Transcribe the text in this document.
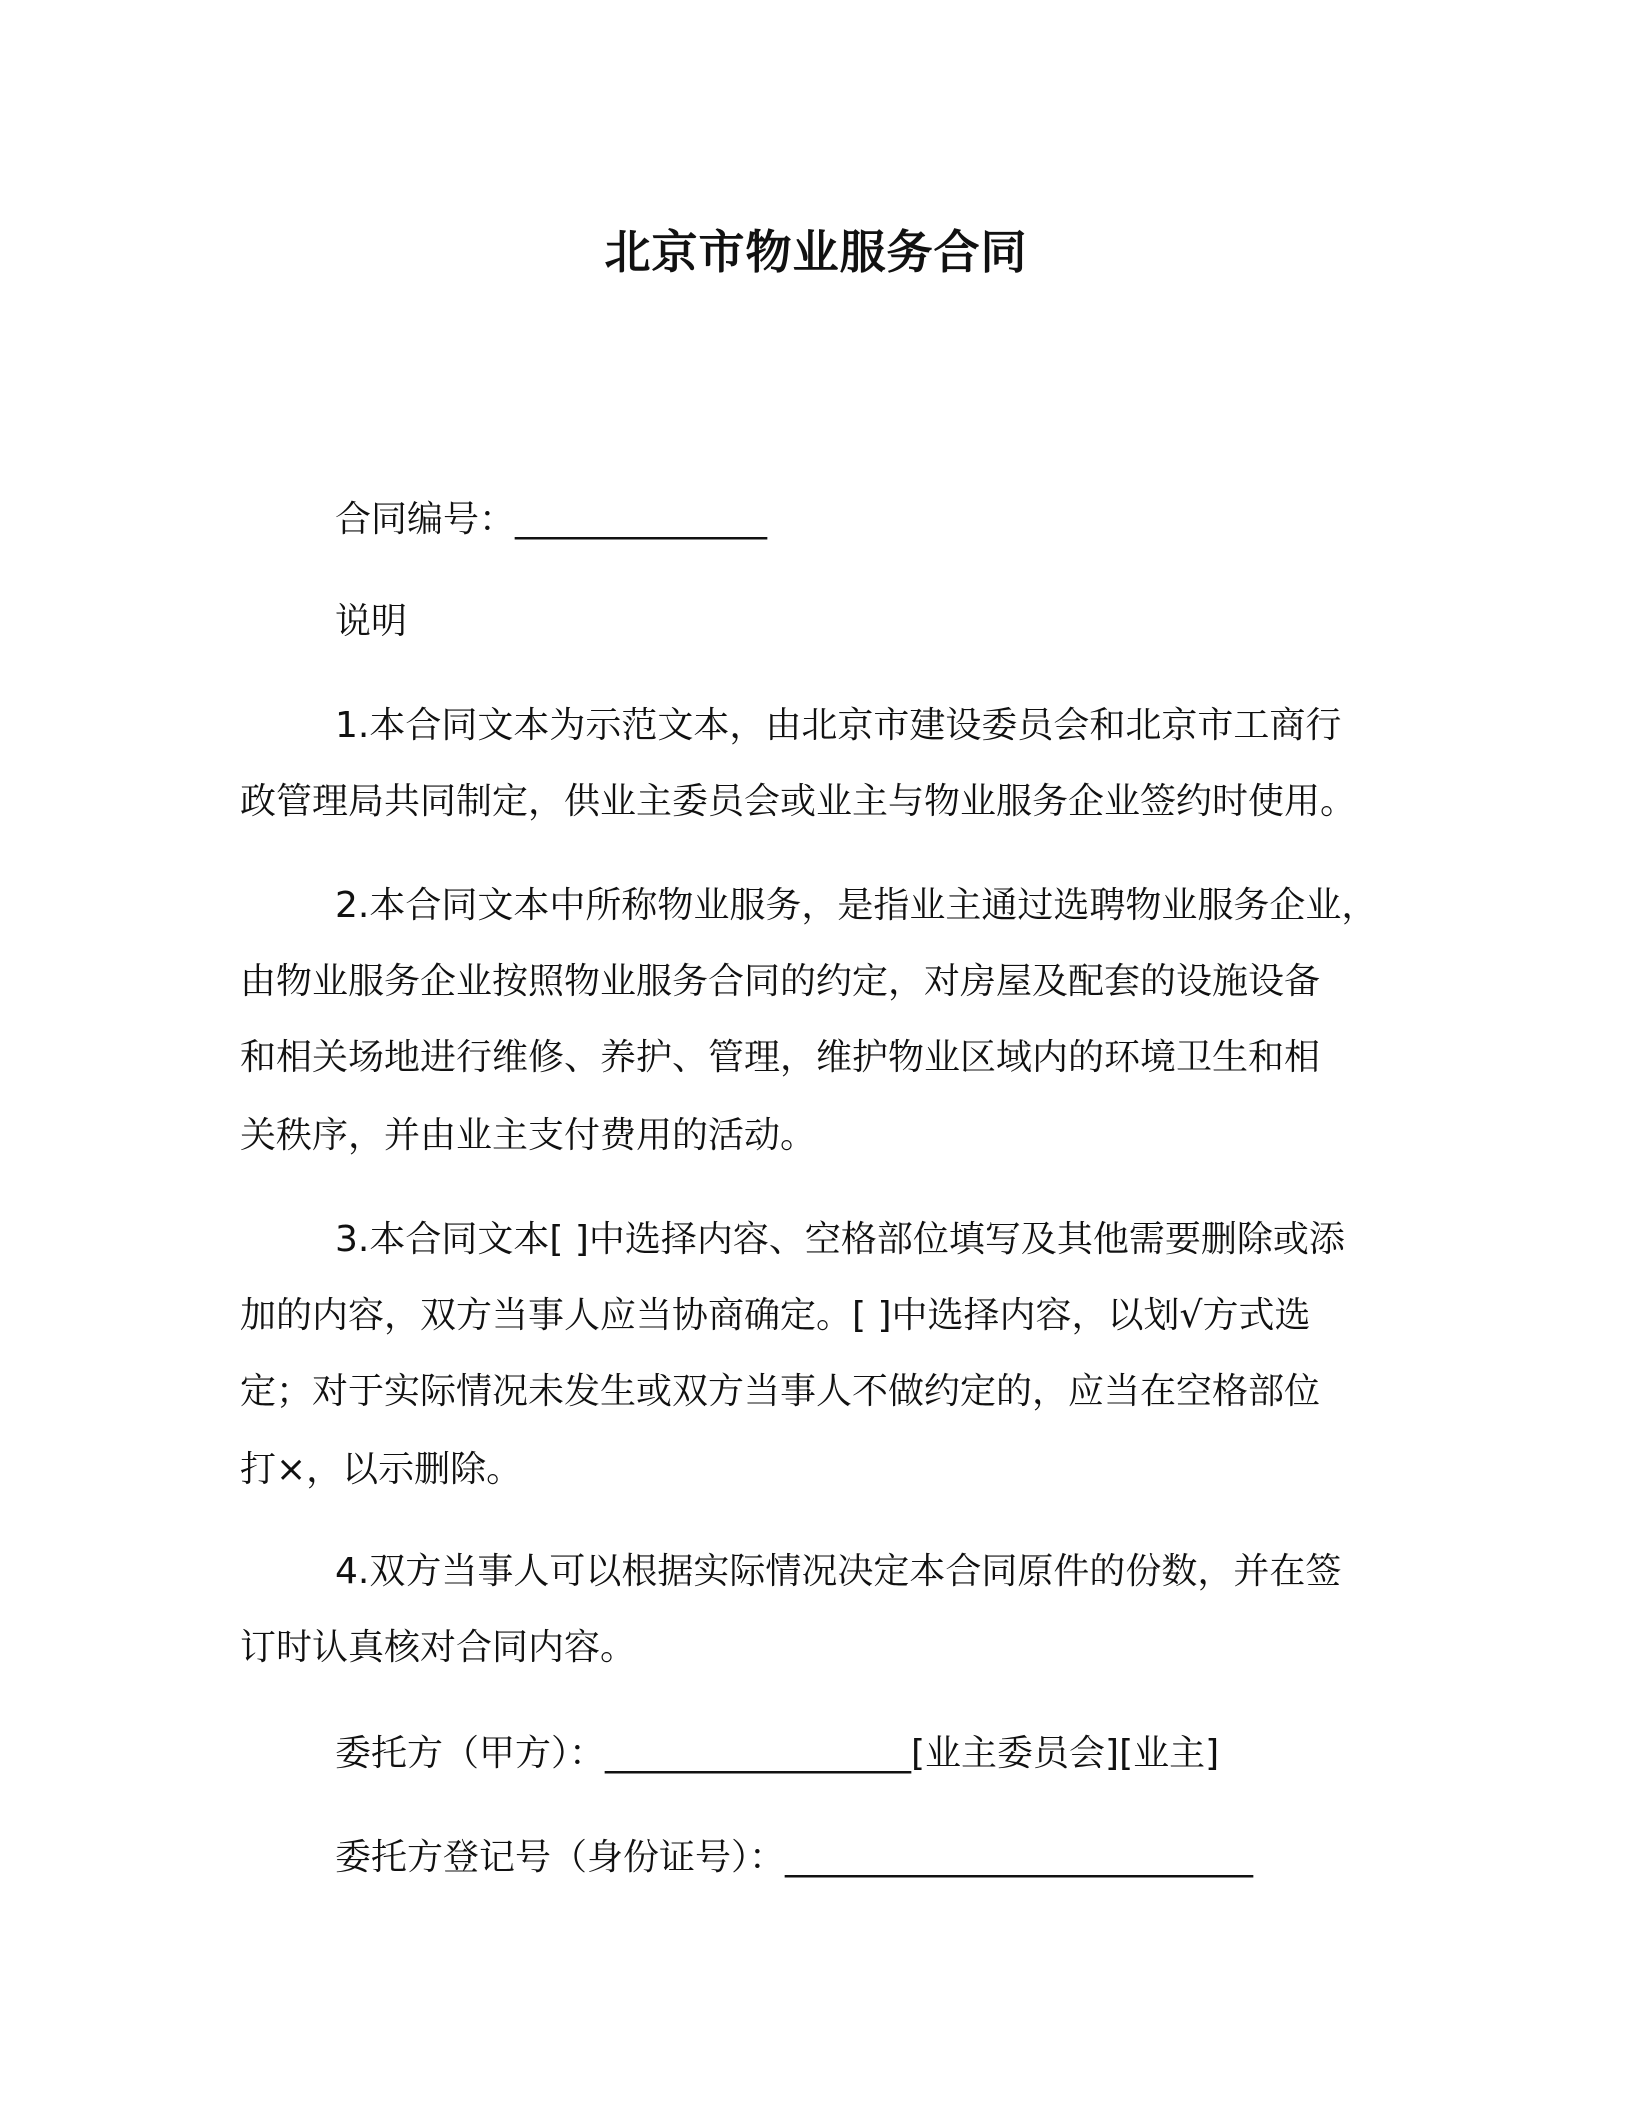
北京市物业服务合同
合同编号：______________
说明
1.本合同文本为示范文本，由北京市建设委员会和北京市工商行
政管理局共同制定，供业主委员会或业主与物业服务企业签约时使用。
2.本合同文本中所称物业服务，是指业主通过选聘物业服务企业，
由物业服务企业按照物业服务合同的约定，对房屋及配套的设施设备
和相关场地进行维修、养护、管理，维护物业区域内的环境卫生和相
关秩序，并由业主支付费用的活动。
3.本合同文本[ ]中选择内容、空格部位填写及其他需要删除或添
加的内容，双方当事人应当协商确定。[ ]中选择内容，以划√方式选
定；对于实际情况未发生或双方当事人不做约定的，应当在空格部位
打×，以示删除。
4.双方当事人可以根据实际情况决定本合同原件的份数，并在签
订时认真核对合同内容。
委托方（甲方）：_________________[业主委员会][业主]
委托方登记号（身份证号）：__________________________
